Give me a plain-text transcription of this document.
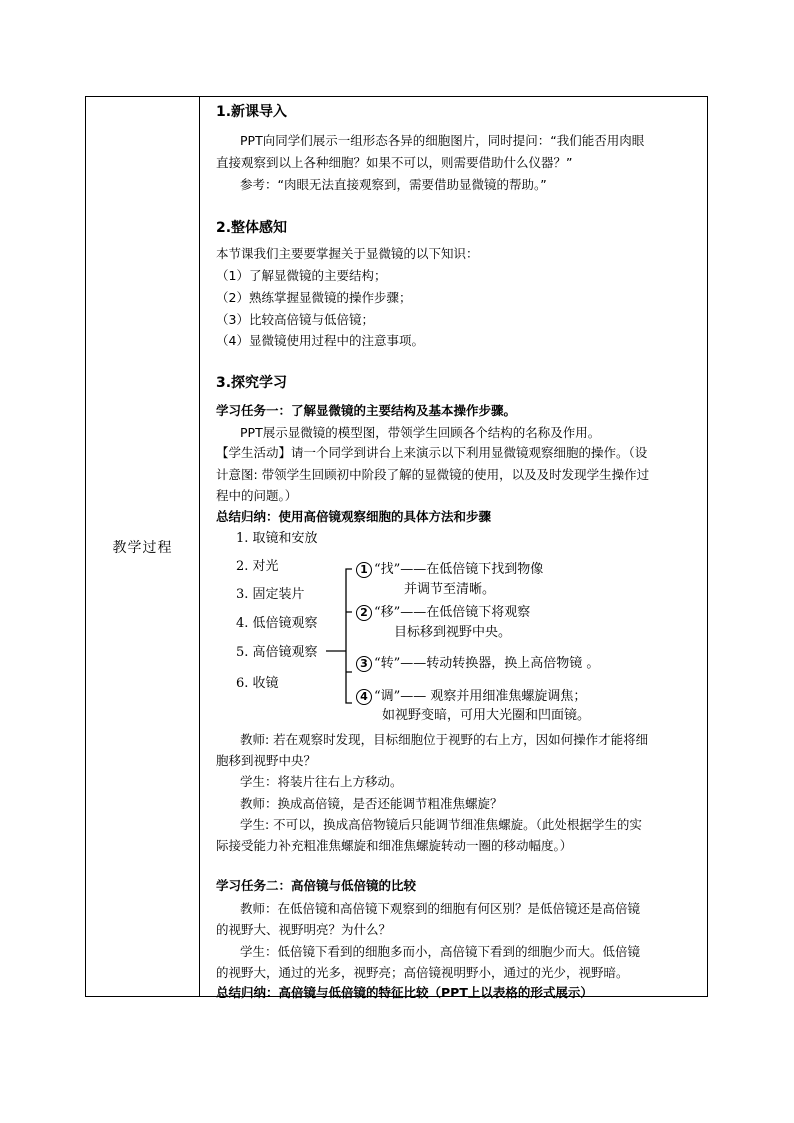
教学过程
1.新课导入
PPT向同学们展示一组形态各异的细胞图片，同时提问：“我们能否用肉眼
直接观察到以上各种细胞？如果不可以，则需要借助什么仪器？”
参考：“肉眼无法直接观察到，需要借助显微镜的帮助。”
2.整体感知
本节课我们主要要掌握关于显微镜的以下知识：
（1）了解显微镜的主要结构；
（2）熟练掌握显微镜的操作步骤；
（3）比较高倍镜与低倍镜；
（4）显微镜使用过程中的注意事项。
3.探究学习
学习任务一：了解显微镜的主要结构及基本操作步骤。
PPT展示显微镜的模型图，带领学生回顾各个结构的名称及作用。
【学生活动】请一个同学到讲台上来演示以下利用显微镜观察细胞的操作。（设
计意图: 带领学生回顾初中阶段了解的显微镜的使用，以及及时发现学生操作过
程中的问题。）
总结归纳：使用高倍镜观察细胞的具体方法和步骤
1. 取镜和安放
2. 对光
3. 固定装片
4. 低倍镜观察
5. 高倍镜观察
6. 收镜
1 “找”——在低倍镜下找到物像
并调节至清晰。
2 “移”——在低倍镜下将观察
目标移到视野中央。
3 “转”——转动转换器，换上高倍物镜 。
4 “调”—— 观察并用细准焦螺旋调焦；
如视野变暗，可用大光圈和凹面镜。
教师: 若在观察时发现，目标细胞位于视野的右上方，因如何操作才能将细
胞移到视野中央？
学生：将装片往右上方移动。
教师：换成高倍镜，是否还能调节粗准焦螺旋？
学生: 不可以，换成高倍物镜后只能调节细准焦螺旋。（此处根据学生的实
际接受能力补充粗准焦螺旋和细准焦螺旋转动一圈的移动幅度。）
学习任务二：高倍镜与低倍镜的比较
教师：在低倍镜和高倍镜下观察到的细胞有何区别？是低倍镜还是高倍镜
的视野大、视野明亮？为什么？
学生：低倍镜下看到的细胞多而小，高倍镜下看到的细胞少而大。低倍镜
的视野大，通过的光多，视野亮；高倍镜视明野小，通过的光少，视野暗。
总结归纳：高倍镜与低倍镜的特征比较（PPT上以表格的形式展示）
